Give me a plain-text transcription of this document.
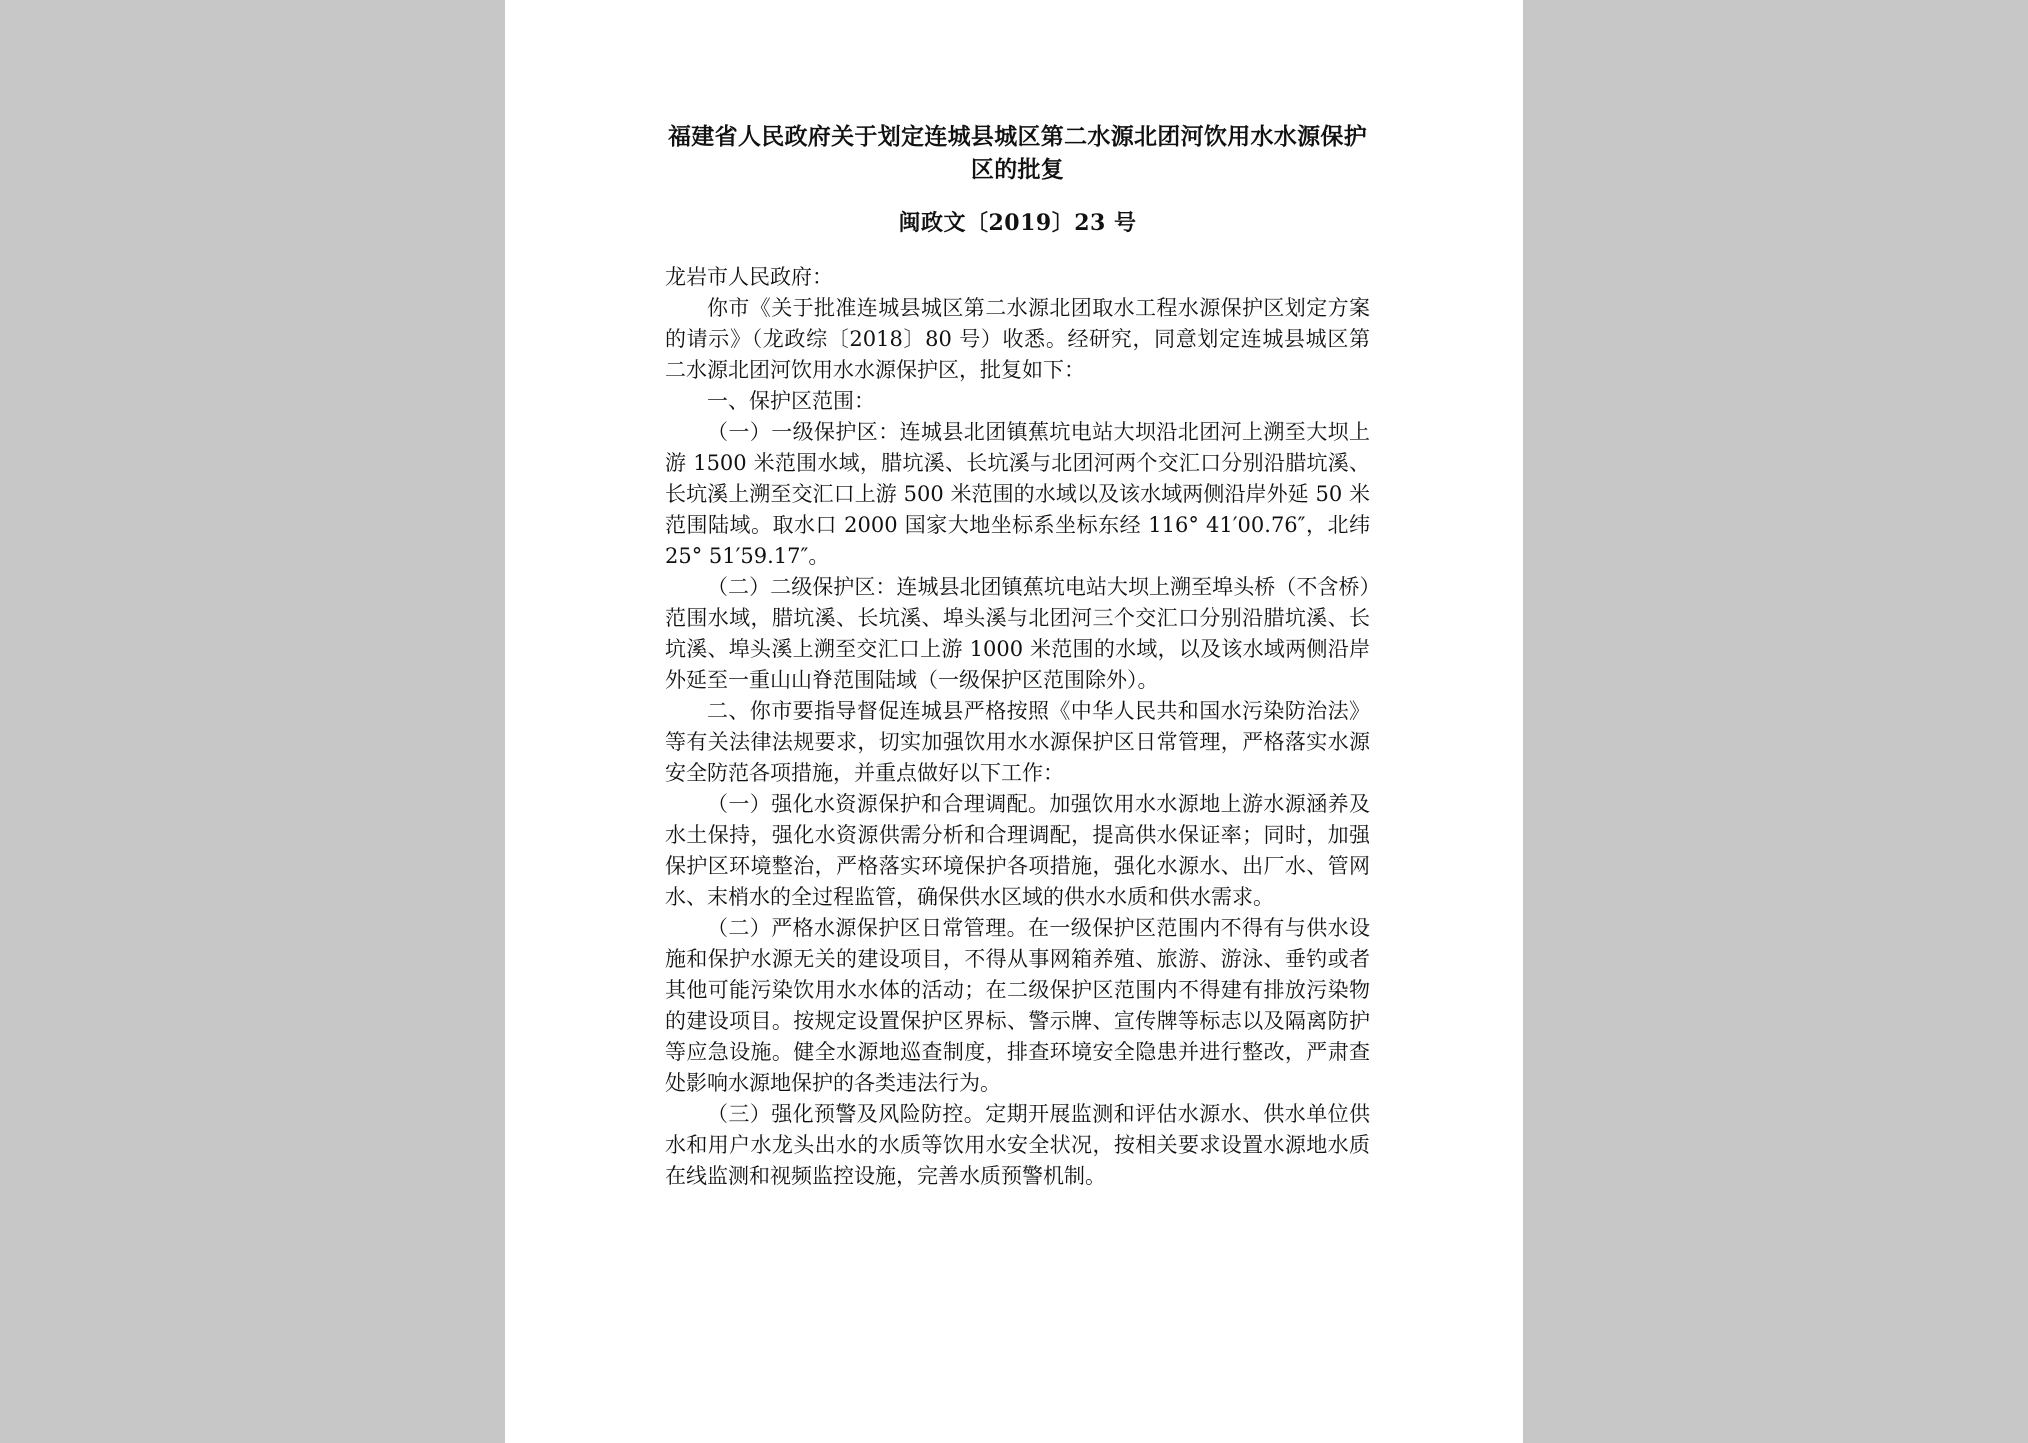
福建省人民政府关于划定连城县城区第二水源北团河饮用水水源保护区的批复

闽政文〔2019〕23 号

龙岩市人民政府：

你市《关于批准连城县城区第二水源北团取水工程水源保护区划定方案的请示》（龙政综〔2018〕80 号）收悉。经研究，同意划定连城县城区第二水源北团河饮用水水源保护区，批复如下：

一、保护区范围：

（一）一级保护区：连城县北团镇蕉坑电站大坝沿北团河上溯至大坝上游 1500 米范围水域，腊坑溪、长坑溪与北团河两个交汇口分别沿腊坑溪、长坑溪上溯至交汇口上游 500 米范围的水域以及该水域两侧沿岸外延 50 米范围陆域。取水口 2000 国家大地坐标系坐标东经 116° 41′00.76″，北纬 25° 51′59.17″。

（二）二级保护区：连城县北团镇蕉坑电站大坝上溯至埠头桥（不含桥）范围水域，腊坑溪、长坑溪、埠头溪与北团河三个交汇口分别沿腊坑溪、长坑溪、埠头溪上溯至交汇口上游 1000 米范围的水域，以及该水域两侧沿岸外延至一重山山脊范围陆域（一级保护区范围除外）。

二、你市要指导督促连城县严格按照《中华人民共和国水污染防治法》等有关法律法规要求，切实加强饮用水水源保护区日常管理，严格落实水源安全防范各项措施，并重点做好以下工作：

（一）强化水资源保护和合理调配。加强饮用水水源地上游水源涵养及水土保持，强化水资源供需分析和合理调配，提高供水保证率；同时，加强保护区环境整治，严格落实环境保护各项措施，强化水源水、出厂水、管网水、末梢水的全过程监管，确保供水区域的供水水质和供水需求。

（二）严格水源保护区日常管理。在一级保护区范围内不得有与供水设施和保护水源无关的建设项目，不得从事网箱养殖、旅游、游泳、垂钓或者其他可能污染饮用水水体的活动；在二级保护区范围内不得建有排放污染物的建设项目。按规定设置保护区界标、警示牌、宣传牌等标志以及隔离防护等应急设施。健全水源地巡查制度，排查环境安全隐患并进行整改，严肃查处影响水源地保护的各类违法行为。

（三）强化预警及风险防控。定期开展监测和评估水源水、供水单位供水和用户水龙头出水的水质等饮用水安全状况，按相关要求设置水源地水质在线监测和视频监控设施，完善水质预警机制。
